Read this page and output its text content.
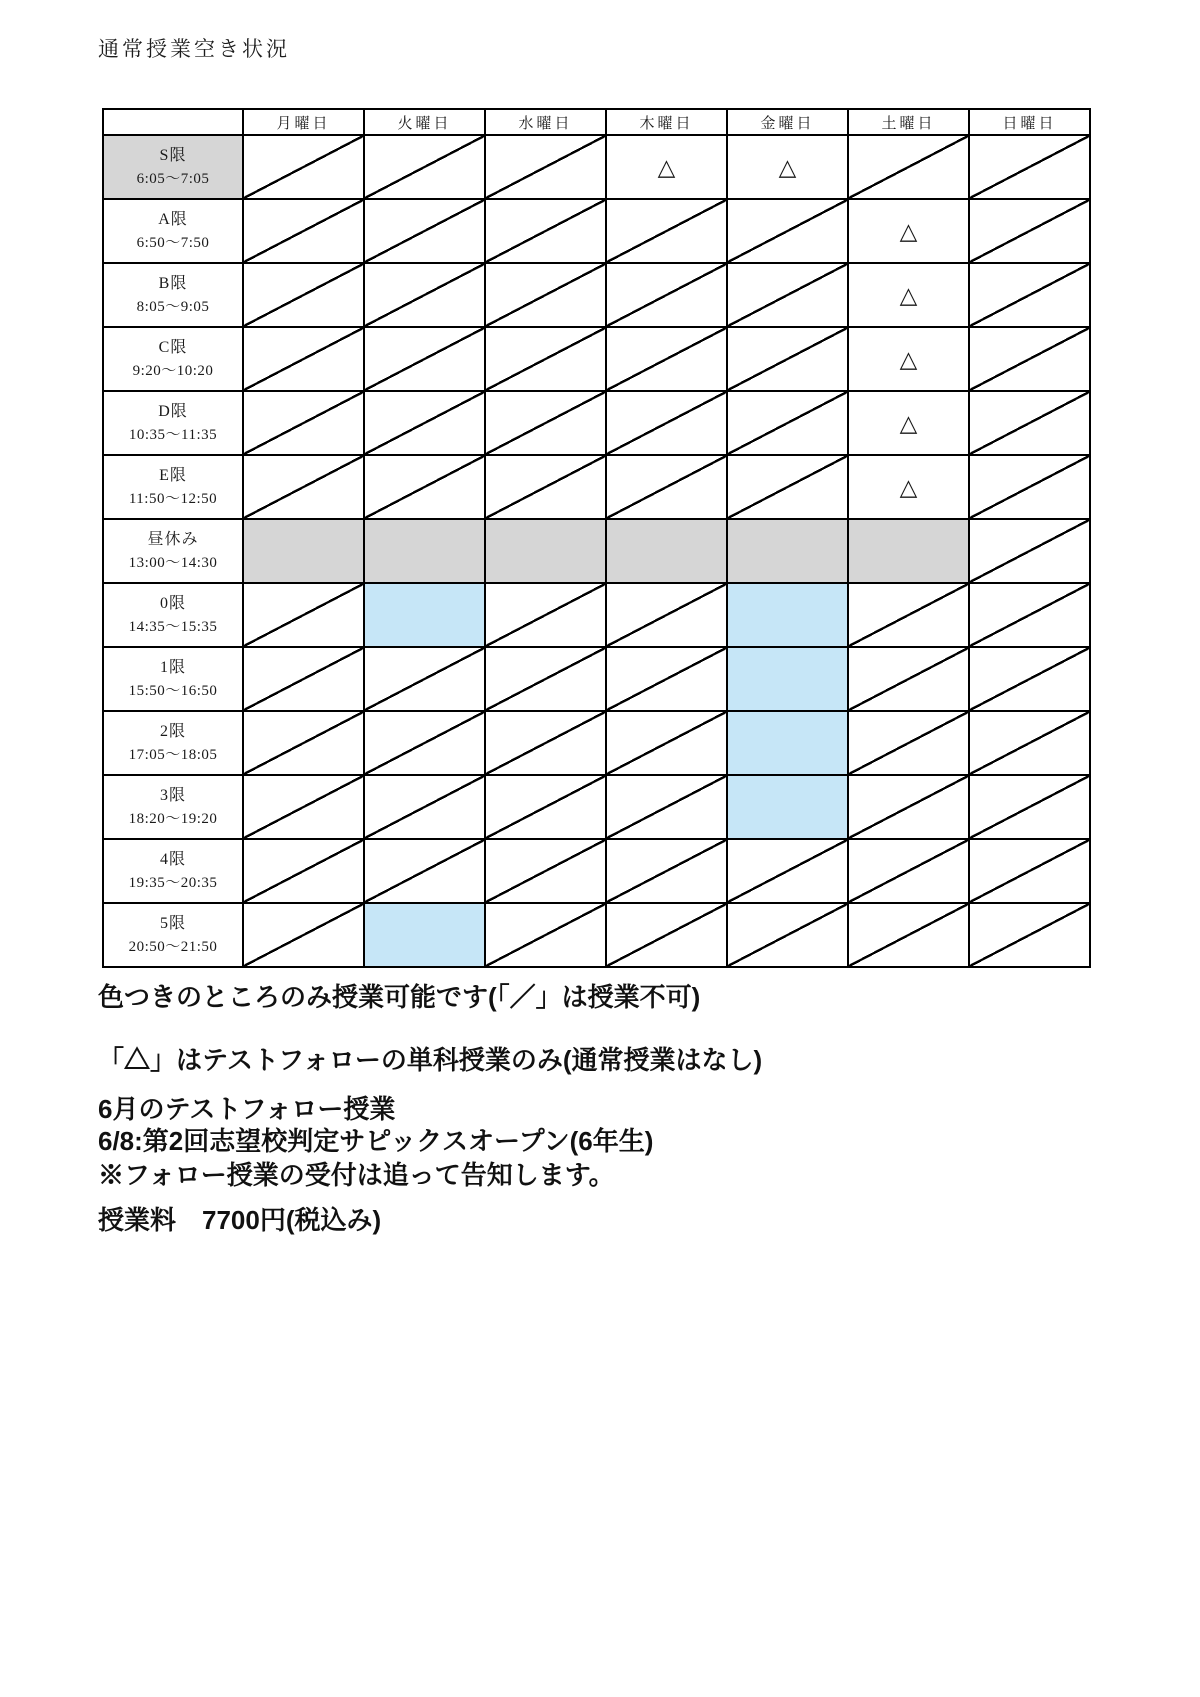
通常授業空き状況
	月曜日	火曜日	水曜日	木曜日	金曜日	土曜日	日曜日

S限
6:05～7:05				△	△		

A限
6:50～7:50						△	

B限
8:05～9:05						△	

C限
9:20～10:20						△	

D限
10:35～11:35						△	

E限
11:50～12:50						△	

昼休み
13:00～14:30							

0限
14:35～15:35							

1限
15:50～16:50							

2限
17:05～18:05							

3限
18:20～19:20							

4限
19:35～20:35							

5限
20:50～21:50							

色つきのところのみ授業可能です(「／」は授業不可)
「△」はテストフォローの単科授業のみ(通常授業はなし)
6月のテストフォロー授業
6/8:第2回志望校判定サピックスオープン(6年生)
※フォロー授業の受付は追って告知します。
授業料　7700円(税込み)
